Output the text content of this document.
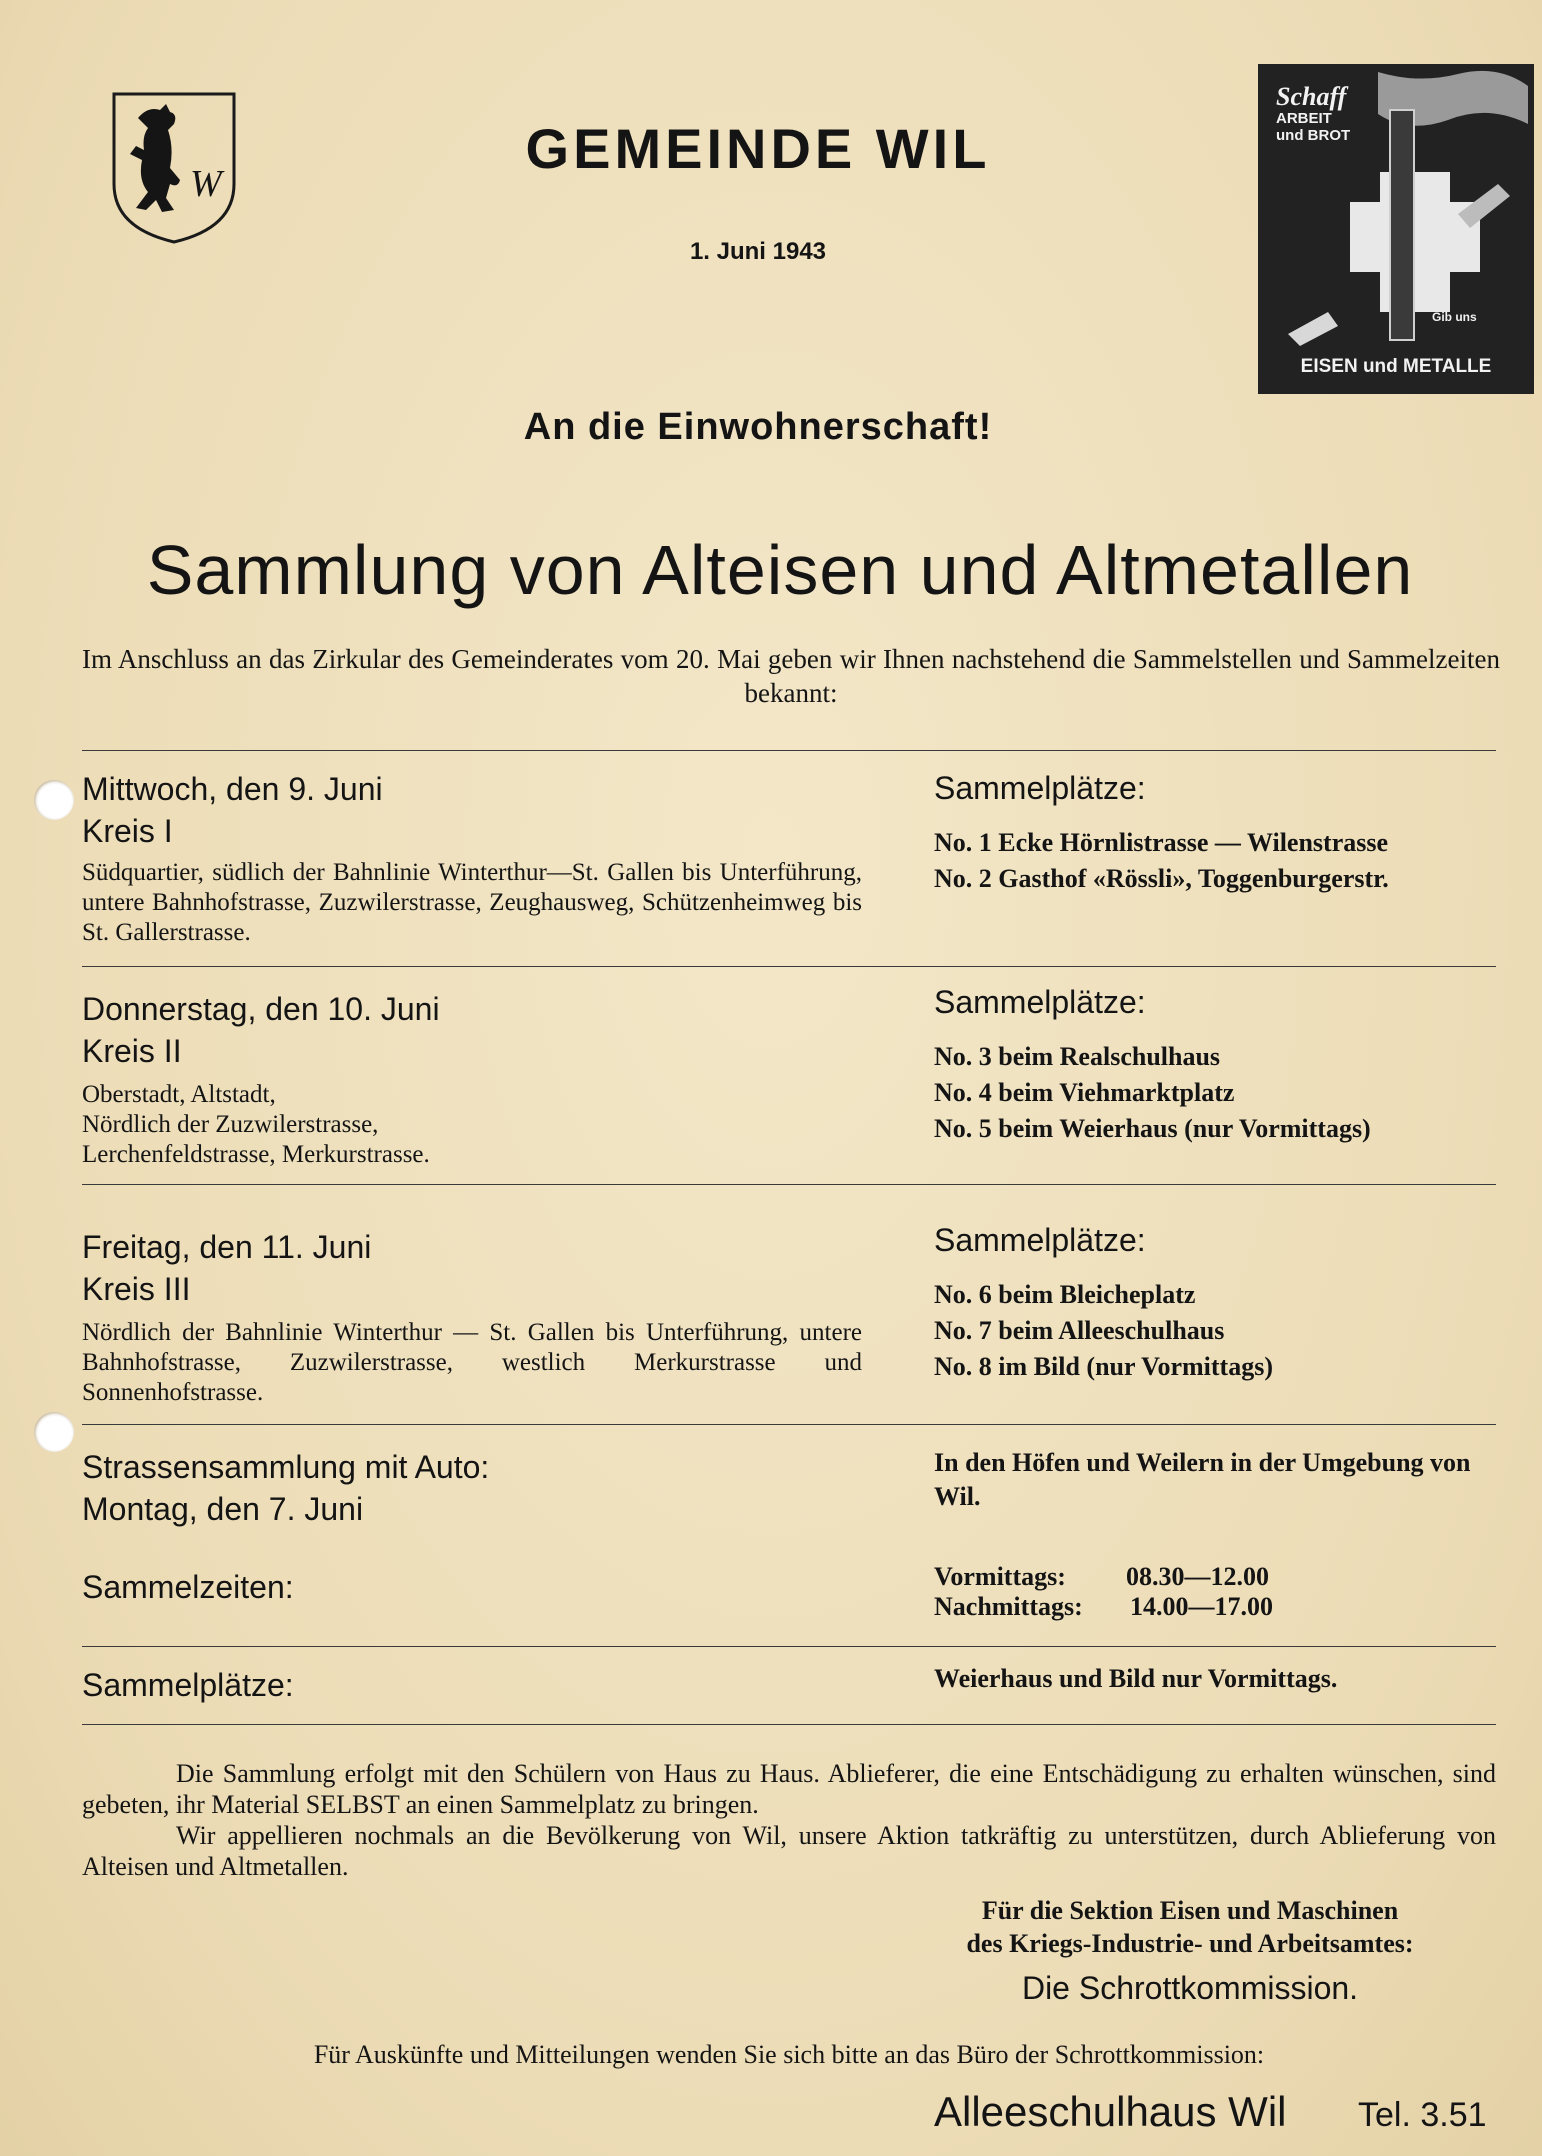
W
Schaff
ARBEIT
und BROT
Gib uns
EISEN und METALLE
GEMEINDE WIL
1. Juni 1943
An die Einwohnerschaft!
Sammlung von Alteisen und Altmetallen
Im Anschluss an das Zirkular des Gemeinderates vom 20. Mai geben wir Ihnen nachstehend die Sammelstellen und Sammelzeiten bekannt:
Mittwoch, den 9. Juni
Kreis I
Südquartier, südlich der Bahnlinie Winterthur—St. Gallen bis Unterführung, untere Bahnhofstrasse, Zuzwilerstrasse, Zeughausweg, Schützenheimweg bis St. Gallerstrasse.
Sammelplätze:
No. 1 Ecke Hörnlistrasse — Wilenstrasse
No. 2 Gasthof «Rössli», Toggenburgerstr.
Donnerstag, den 10. Juni
Kreis II
Oberstadt, Altstadt,
Nördlich der Zuzwilerstrasse,
Lerchenfeldstrasse, Merkurstrasse.
Sammelplätze:
No. 3 beim Realschulhaus
No. 4 beim Viehmarktplatz
No. 5 beim Weierhaus (nur Vormittags)
Freitag, den 11. Juni
Kreis III
Nördlich der Bahnlinie Winterthur — St. Gallen bis Unterführung, untere Bahnhofstrasse, Zuzwilerstrasse, westlich Merkurstrasse und Sonnenhofstrasse.
Sammelplätze:
No. 6 beim Bleicheplatz
No. 7 beim Alleeschulhaus
No. 8 im Bild (nur Vormittags)
Strassensammlung mit Auto:
Montag, den 7. Juni
In den Höfen und Weilern in der Umgebung von Wil.
Sammelzeiten:	Vormittags: 08.30—12.00
Nachmittags: 14.00—17.00
Sammelplätze:	Weierhaus und Bild nur Vormittags.

Die Sammlung erfolgt mit den Schülern von Haus zu Haus. Ablieferer, die eine Entschädigung zu erhalten wünschen, sind gebeten, ihr Material SELBST an einen Sammelplatz zu bringen.

Wir appellieren nochmals an die Bevölkerung von Wil, unsere Aktion tatkräftig zu unterstützen, durch Ablieferung von Alteisen und Altmetallen.

Für die Sektion Eisen und Maschinen
des Kriegs-Industrie- und Arbeitsamtes:
Die Schrottkommission.
Für Auskünfte und Mitteilungen wenden Sie sich bitte an das Büro der Schrottkommission:
Alleeschulhaus Wil Tel. 3.51
